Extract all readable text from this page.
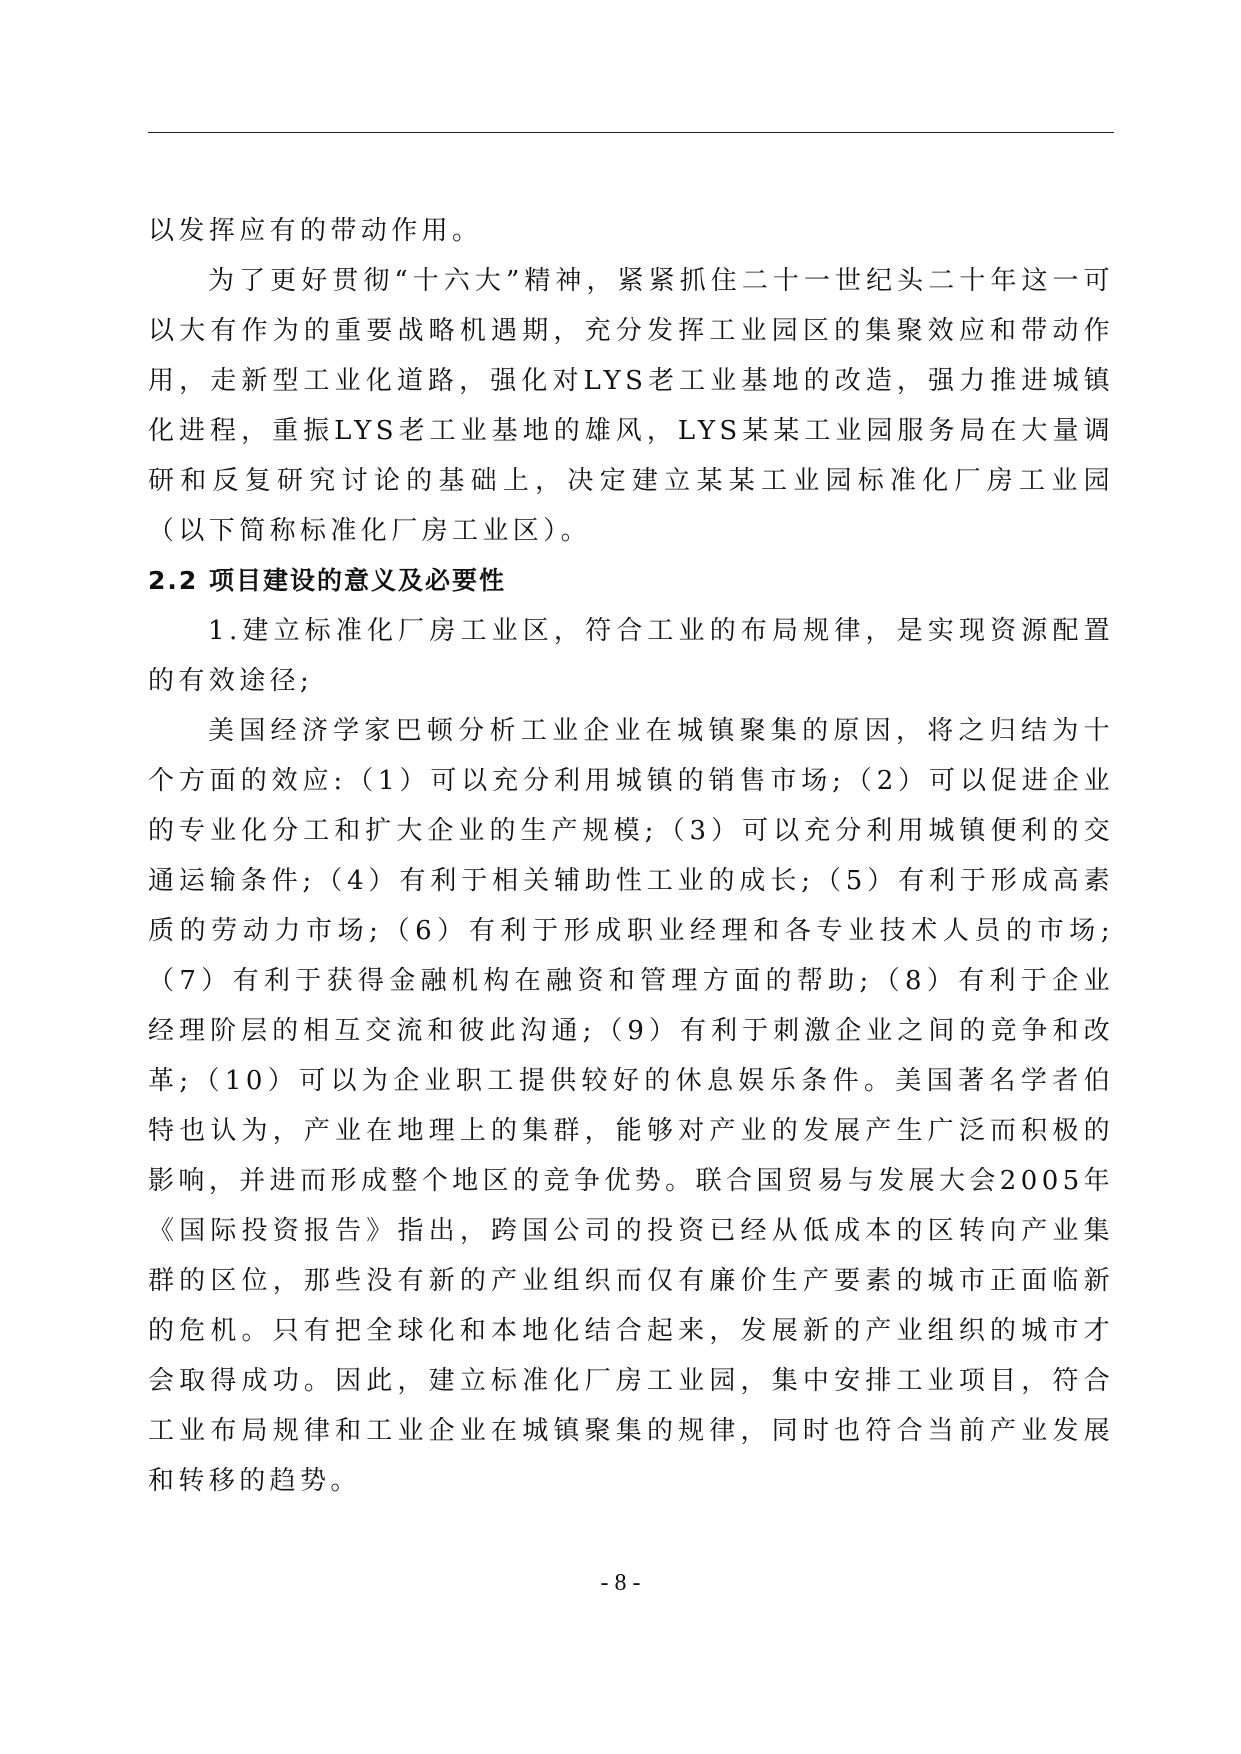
以发挥应有的带动作用。

为了更好贯彻“十六大”精神，紧紧抓住二十一世纪头二十年这一可以大有作为的重要战略机遇期，充分发挥工业园区的集聚效应和带动作用，走新型工业化道路，强化对LYS老工业基地的改造，强力推进城镇化进程，重振LYS老工业基地的雄风，LYS某某工业园服务局在大量调研和反复研究讨论的基础上，决定建立某某工业园标准化厂房工业园（以下简称标准化厂房工业区）。

2.2 项目建设的意义及必要性

1.建立标准化厂房工业区，符合工业的布局规律，是实现资源配置的有效途径;

美国经济学家巴顿分析工业企业在城镇聚集的原因，将之归结为十个方面的效应:（1）可以充分利用城镇的销售市场;（2）可以促进企业的专业化分工和扩大企业的生产规模;（3）可以充分利用城镇便利的交通运输条件;（4）有利于相关辅助性工业的成长;（5）有利于形成高素质的劳动力市场;（6）有利于形成职业经理和各专业技术人员的市场;（7）有利于获得金融机构在融资和管理方面的帮助;（8）有利于企业经理阶层的相互交流和彼此沟通;（9）有利于刺激企业之间的竞争和改革;（10）可以为企业职工提供较好的休息娱乐条件。美国著名学者伯特也认为，产业在地理上的集群，能够对产业的发展产生广泛而积极的影响，并进而形成整个地区的竞争优势。联合国贸易与发展大会2005年《国际投资报告》指出，跨国公司的投资已经从低成本的区转向产业集群的区位，那些没有新的产业组织而仅有廉价生产要素的城市正面临新的危机。只有把全球化和本地化结合起来，发展新的产业组织的城市才会取得成功。因此，建立标准化厂房工业园，集中安排工业项目，符合工业布局规律和工业企业在城镇聚集的规律，同时也符合当前产业发展和转移的趋势。

- 8 -
